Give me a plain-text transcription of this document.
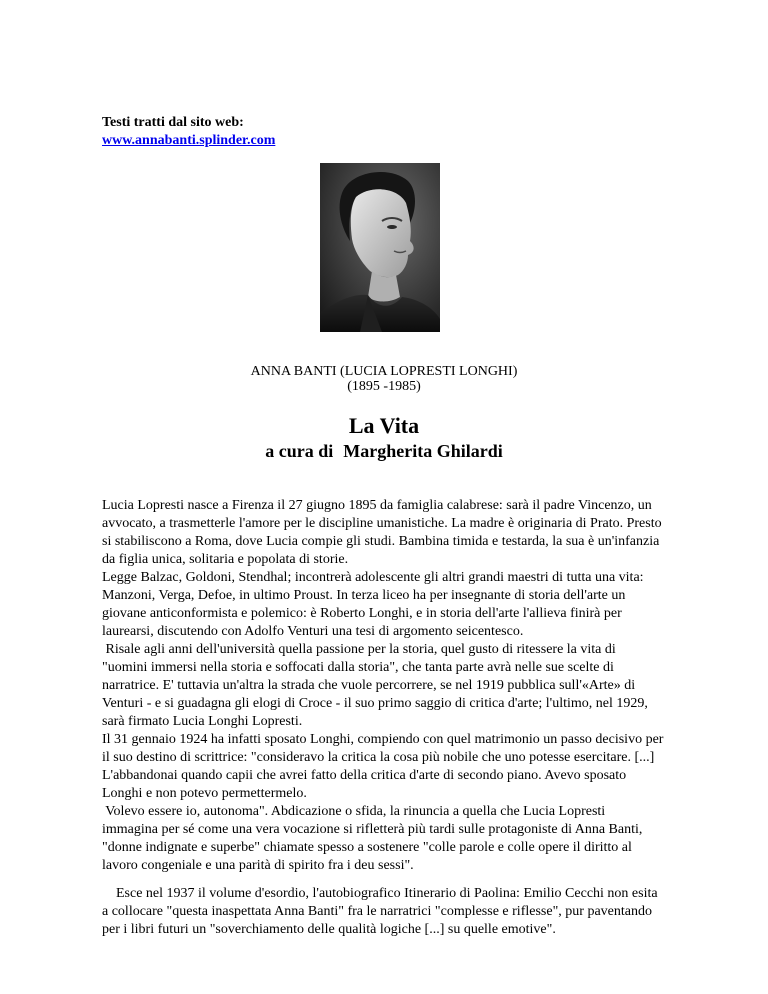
Testi tratti dal sito web:
www.annabanti.splinder.com
ANNA BANTI (LUCIA LOPRESTI LONGHI)
(1895 -1985)
La Vita
a cura di Margherita Ghilardi

Lucia Lopresti nasce a Firenza il 27 giugno 1895 da famiglia calabrese: sarà il padre Vincenzo, un

avvocato, a trasmetterle l'amore per le discipline umanistiche. La madre è originaria di Prato. Presto

si stabiliscono a Roma, dove Lucia compie gli studi. Bambina timida e testarda, la sua è un'infanzia

da figlia unica, solitaria e popolata di storie.

Legge Balzac, Goldoni, Stendhal; incontrerà adolescente gli altri grandi maestri di tutta una vita:

Manzoni, Verga, Defoe, in ultimo Proust. In terza liceo ha per insegnante di storia dell'arte un

giovane anticonformista e polemico: è Roberto Longhi, e in storia dell'arte l'allieva finirà per

laurearsi, discutendo con Adolfo Venturi una tesi di argomento seicentesco.

Risale agli anni dell'università quella passione per la storia, quel gusto di ritessere la vita di

"uomini immersi nella storia e soffocati dalla storia", che tanta parte avrà nelle sue scelte di

narratrice. E' tuttavia un'altra la strada che vuole percorrere, se nel 1919 pubblica sull'«Arte» di

Venturi - e si guadagna gli elogi di Croce - il suo primo saggio di critica d'arte; l'ultimo, nel 1929,

sarà firmato Lucia Longhi Lopresti.

Il 31 gennaio 1924 ha infatti sposato Longhi, compiendo con quel matrimonio un passo decisivo per

il suo destino di scrittrice: "consideravo la critica la cosa più nobile che uno potesse esercitare. [...]

L'abbandonai quando capii che avrei fatto della critica d'arte di secondo piano. Avevo sposato

Longhi e non potevo permettermelo.

Volevo essere io, autonoma". Abdicazione o sfida, la rinuncia a quella che Lucia Lopresti

immagina per sé come una vera vocazione si rifletterà più tardi sulle protagoniste di Anna Banti,

"donne indignate e superbe" chiamate spesso a sostenere "colle parole e colle opere il diritto al

lavoro congeniale e una parità di spirito fra i deu sessi".

Esce nel 1937 il volume d'esordio, l'autobiografico Itinerario di Paolina: Emilio Cecchi non esita

a collocare "questa inaspettata Anna Banti" fra le narratrici "complesse e riflesse", pur paventando

per i libri futuri un "soverchiamento delle qualità logiche [...] su quelle emotive".
